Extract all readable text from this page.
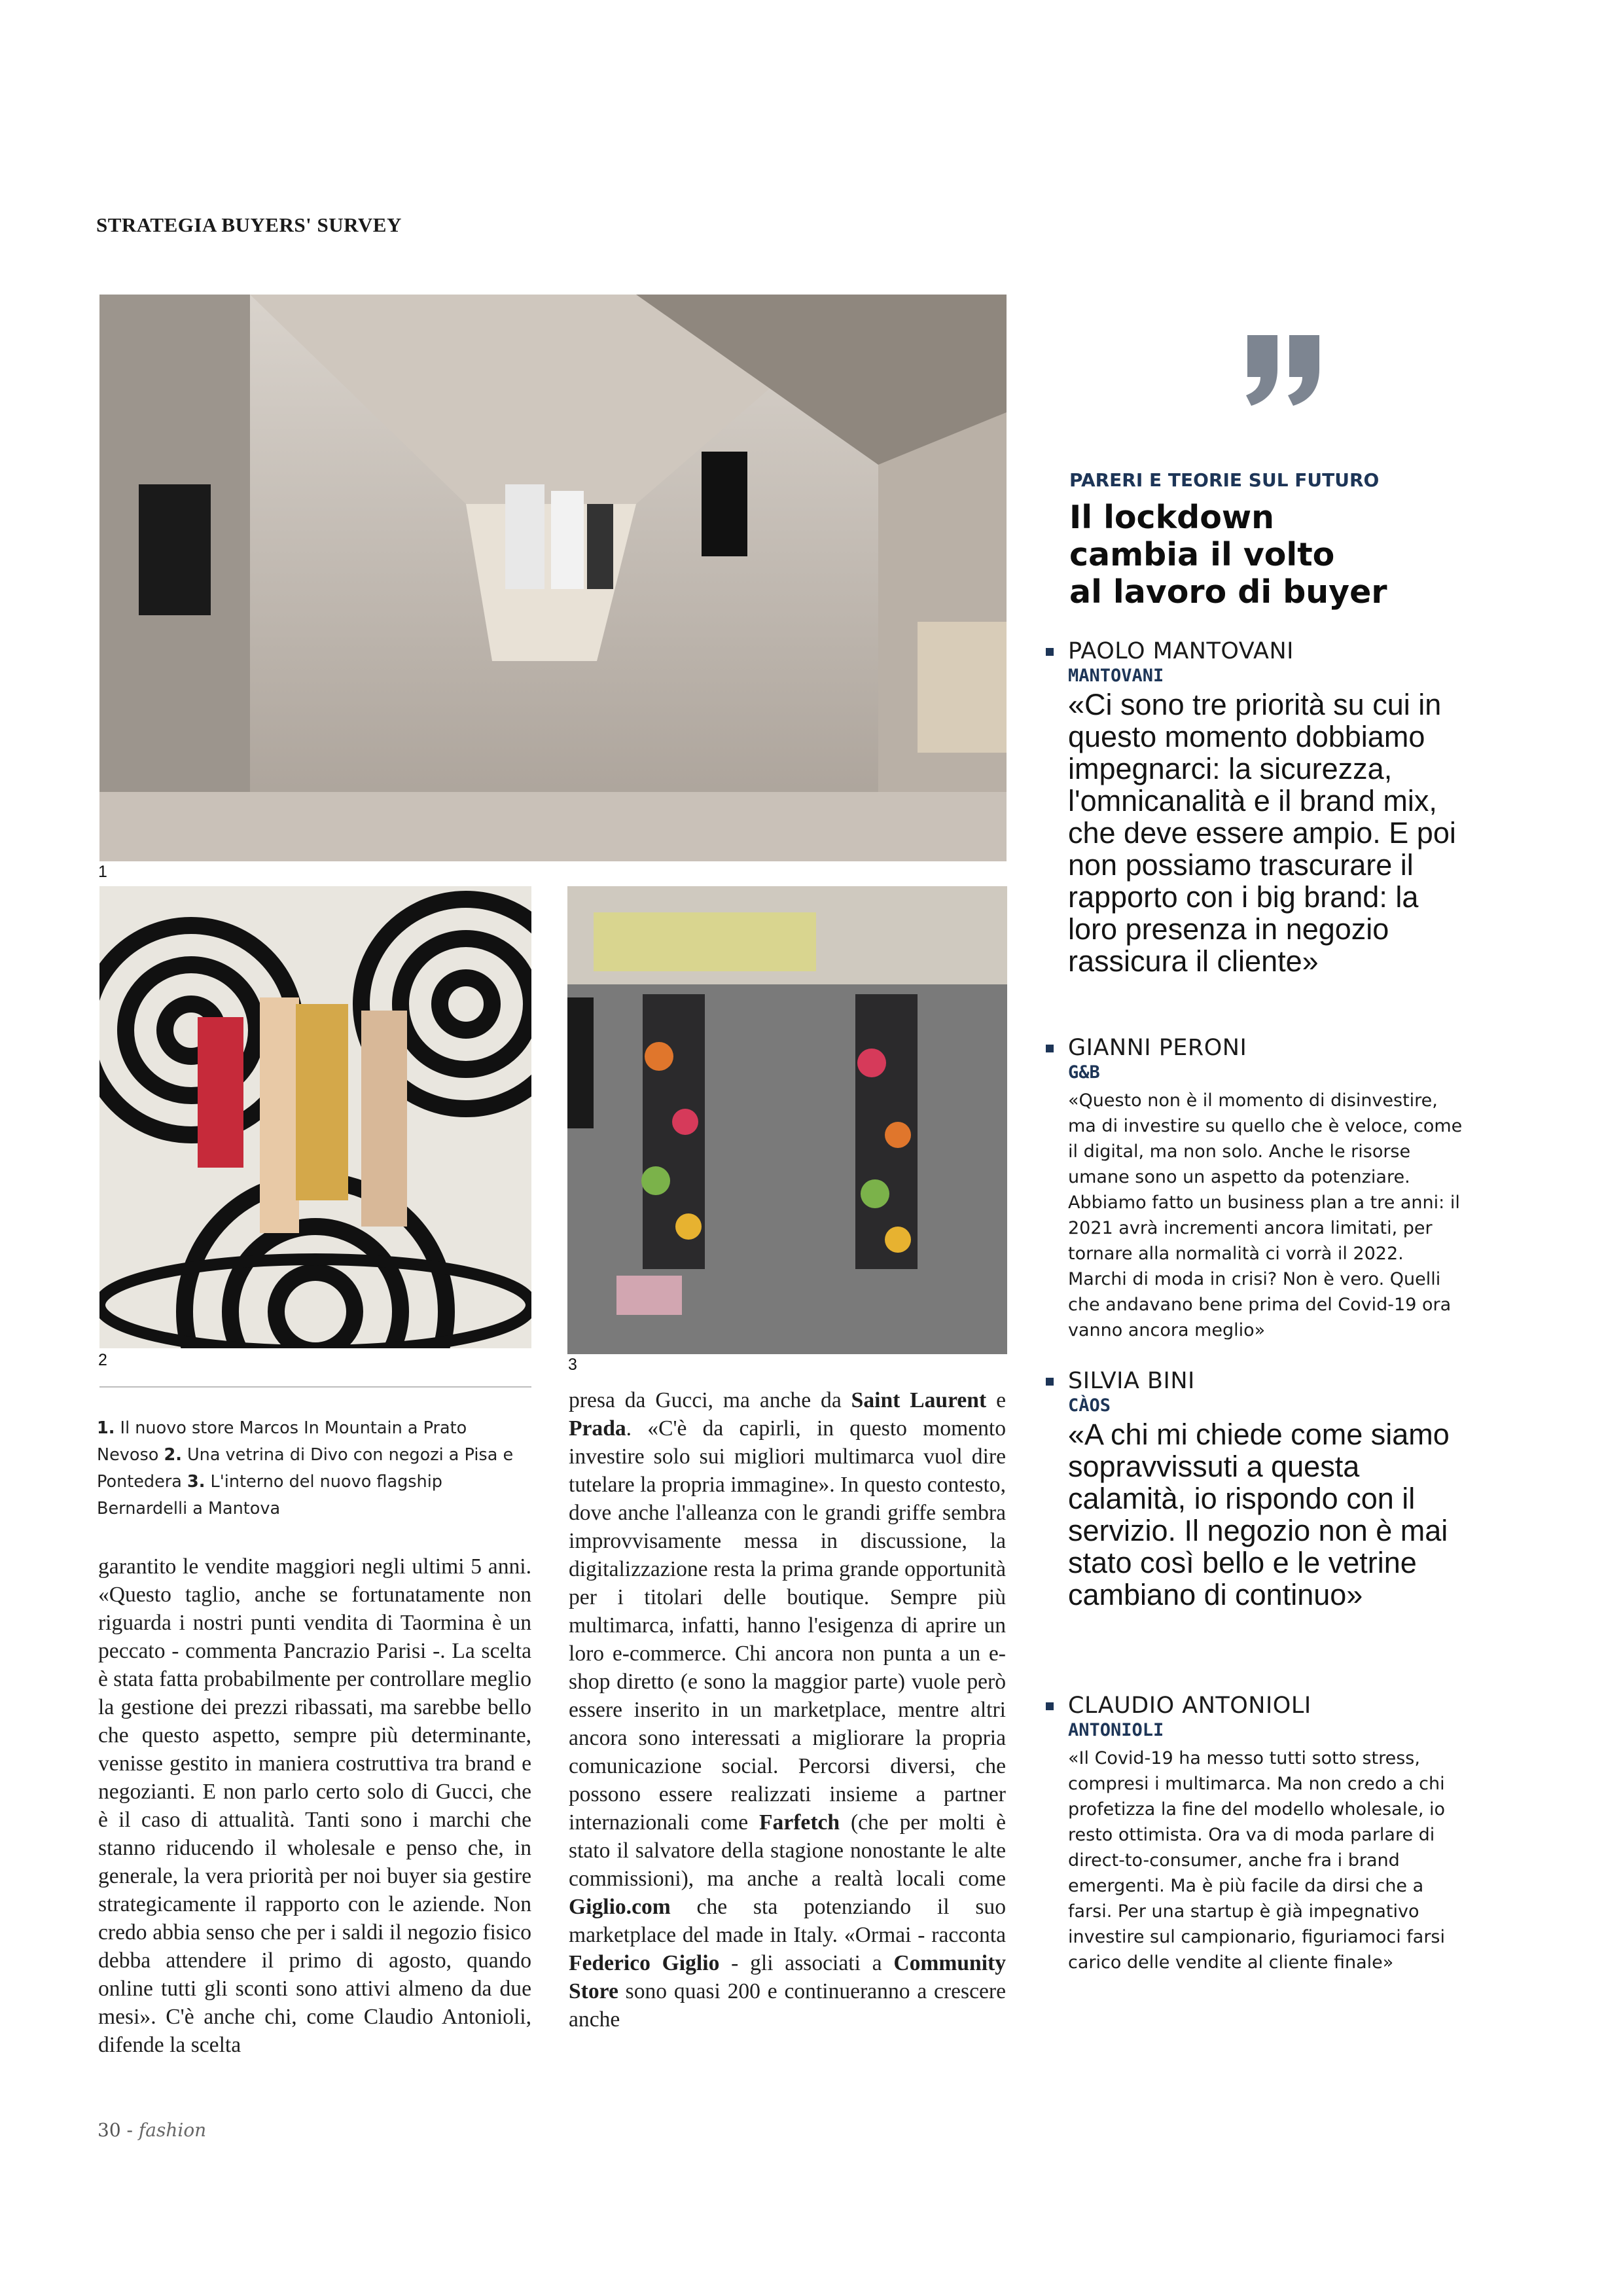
STRATEGIA BUYERS' SURVEY
1
2	3
1. Il nuovo store Marcos In Mountain a Prato Nevoso 2. Una vetrina di Divo con negozi a Pisa e Pontedera 3. L'interno del nuovo flagship Bernardelli a Mantova
garantito le vendite maggiori negli ultimi 5 anni. «Questo taglio, anche se fortunatamente non riguarda i nostri punti vendita di Taormina è un peccato - commenta Pancrazio Parisi -. La scelta è stata fatta probabilmente per controllare meglio la gestione dei prezzi ribassati, ma sarebbe bello che questo aspetto, sempre più determinante, venisse gestito in maniera costruttiva tra brand e negozianti. E non parlo certo solo di Gucci, che è il caso di attualità. Tanti sono i marchi che stanno riducendo il wholesale e penso che, in generale, la vera priorità per noi buyer sia gestire strategicamente il rapporto con le aziende. Non credo abbia senso che per i saldi il negozio fisico debba attendere il primo di agosto, quando online tutti gli sconti sono attivi almeno da due mesi». C'è anche chi, come Claudio Antonioli, difende la scelta
presa da Gucci, ma anche da Saint Laurent e Prada. «C'è da capirli, in questo momento investire solo sui migliori multimarca vuol dire tutelare la propria immagine». In questo contesto, dove anche l'alleanza con le grandi griffe sembra improvvisamente messa in discussione, la digitalizzazione resta la prima grande opportunità per i titolari delle boutique. Sempre più multimarca, infatti, hanno l'esigenza di aprire un loro e-commerce. Chi ancora non punta a un e-shop diretto (e sono la maggior parte) vuole però essere inserito in un marketplace, mentre altri ancora sono interessati a migliorare la propria comunicazione social. Percorsi diversi, che possono essere realizzati insieme a partner internazionali come Farfetch (che per molti è stato il salvatore della stagione nonostante le alte commissioni), ma anche a realtà locali come Giglio.com che sta potenziando il suo marketplace del made in Italy. «Ormai - racconta Federico Giglio - gli associati a Community Store sono quasi 200 e continueranno a crescere anche
PARERI E TEORIE SUL FUTURO
Il lockdown
cambia il volto
al lavoro di buyer
PAOLO MANTOVANI
MANTOVANI
«Ci sono tre priorità su cui in questo momento dobbiamo impegnarci: la sicurezza, l'omnicanalità e il brand mix, che deve essere ampio. E poi non possiamo trascurare il rapporto con i big brand: la loro presenza in negozio rassicura il cliente»
GIANNI PERONI
G&B
«Questo non è il momento di disinvestire, ma di investire su quello che è veloce, come il digital, ma non solo. Anche le risorse umane sono un aspetto da potenziare. Abbiamo fatto un business plan a tre anni: il 2021 avrà incrementi ancora limitati, per tornare alla normalità ci vorrà il 2022. Marchi di moda in crisi? Non è vero. Quelli che andavano bene prima del Covid-19 ora vanno ancora meglio»
SILVIA BINI
CÀOS
«A chi mi chiede come siamo sopravvissuti a questa calamità, io rispondo con il servizio. Il negozio non è mai stato così bello e le vetrine cambiano di continuo»
CLAUDIO ANTONIOLI
ANTONIOLI
«Il Covid-19 ha messo tutti sotto stress, compresi i multimarca. Ma non credo a chi profetizza la fine del modello wholesale, io resto ottimista. Ora va di moda parlare di direct-to-consumer, anche fra i brand emergenti. Ma è più facile da dirsi che a farsi. Per una startup è già impegnativo investire sul campionario, figuriamoci farsi carico delle vendite al cliente finale»
30 - fashion
